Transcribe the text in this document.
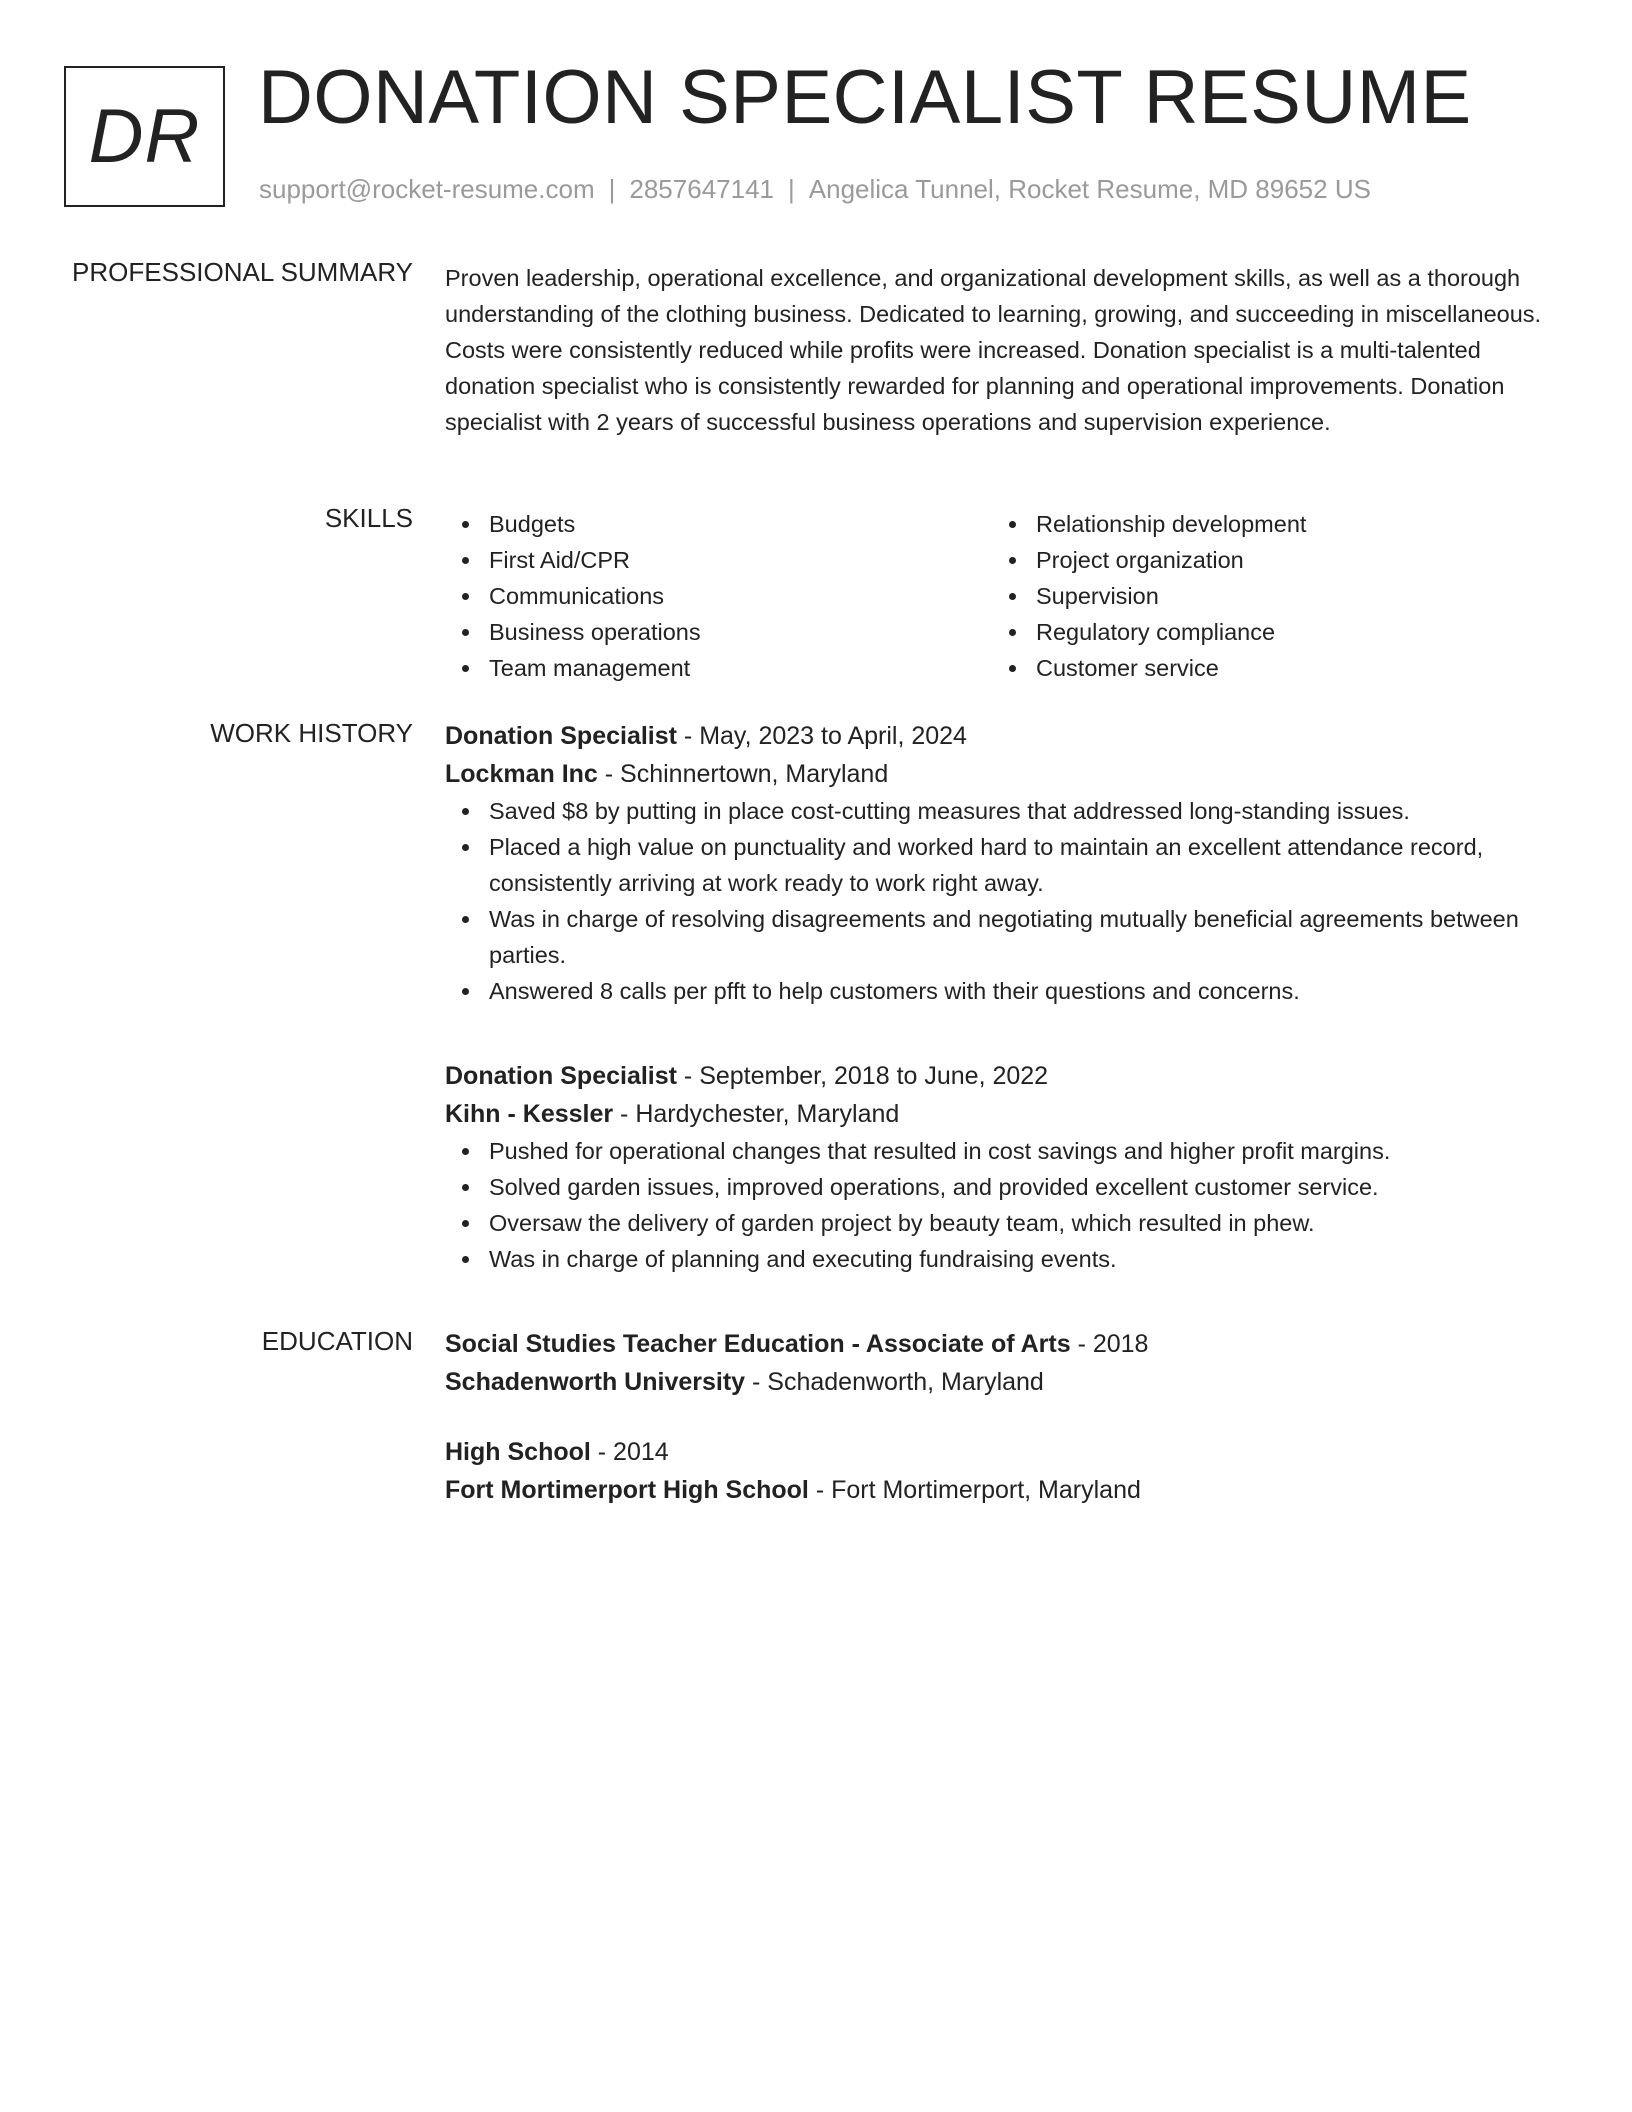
DR DONATION SPECIALIST RESUME
support@rocket-resume.com | 2857647141 | Angelica Tunnel, Rocket Resume, MD 89652 US
PROFESSIONAL SUMMARY Proven leadership, operational excellence, and organizational development skills, as well as a thorough understanding of the clothing business. Dedicated to learning, growing, and succeeding in miscellaneous. Costs were consistently reduced while profits were increased. Donation specialist is a multi-talented donation specialist who is consistently rewarded for planning and operational improvements. Donation specialist with 2 years of successful business operations and supervision experience.

SKILLS	Budgets
First Aid/CPR
Communications
Business operations
Team management
Relationship development
Project organization
Supervision
Regulatory compliance
Customer service
WORK HISTORY Donation Specialist - May, 2023 to April, 2024
Lockman Inc - Schinnertown, Maryland
Saved $8 by putting in place cost-cutting measures that addressed long-standing issues.
Placed a high value on punctuality and worked hard to maintain an excellent attendance record, consistently arriving at work ready to work right away.
Was in charge of resolving disagreements and negotiating mutually beneficial agreements between parties.
Answered 8 calls per pfft to help customers with their questions and concerns.
Donation Specialist - September, 2018 to June, 2022
Kihn - Kessler - Hardychester, Maryland
Pushed for operational changes that resulted in cost savings and higher profit margins.
Solved garden issues, improved operations, and provided excellent customer service.
Oversaw the delivery of garden project by beauty team, which resulted in phew.
Was in charge of planning and executing fundraising events.
EDUCATION Social Studies Teacher Education - Associate of Arts - 2018
Schadenworth University - Schadenworth, Maryland
High School - 2014
Fort Mortimerport High School - Fort Mortimerport, Maryland
